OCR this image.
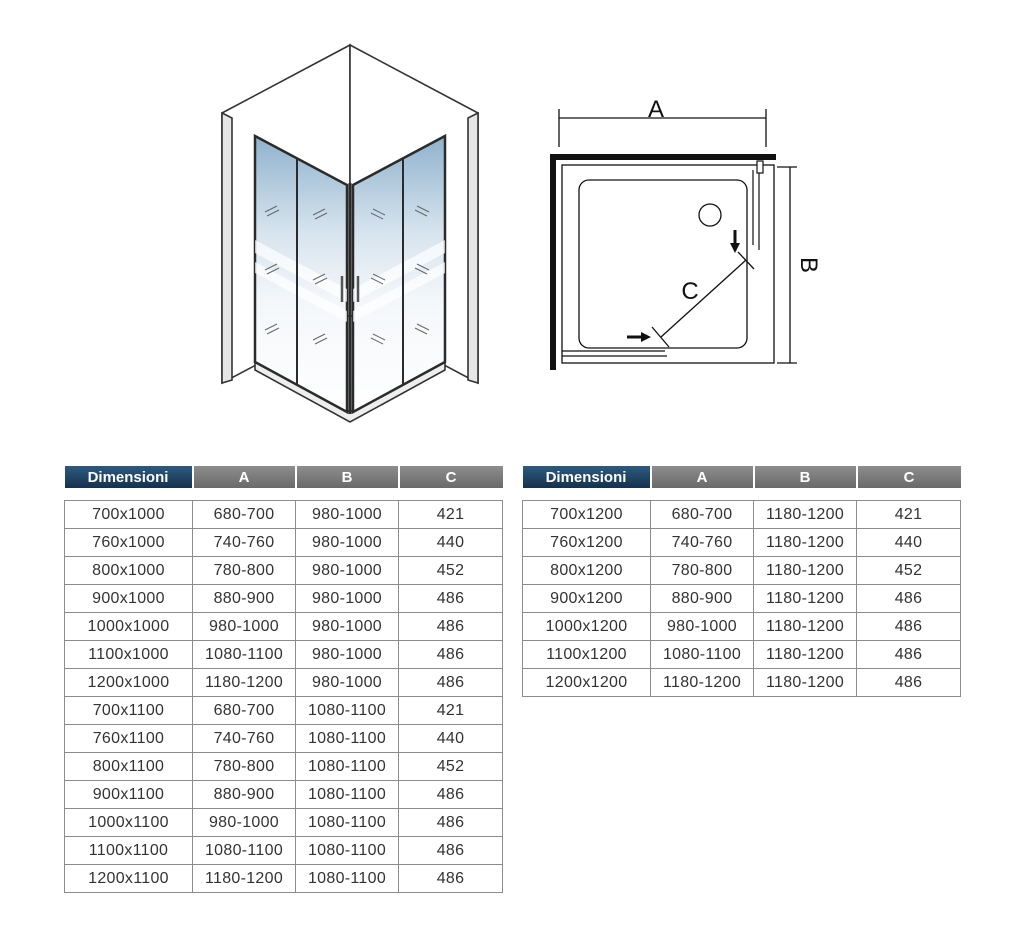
A
B
C
Dimensioni	A	B	C

700x1000	680-700	980-1000	421
760x1000	740-760	980-1000	440
800x1000	780-800	980-1000	452
900x1000	880-900	980-1000	486
1000x1000	980-1000	980-1000	486
1100x1000	1080-1100	980-1000	486
1200x1000	1180-1200	980-1000	486
700x1100	680-700	1080-1100	421
760x1100	740-760	1080-1100	440
800x1100	780-800	1080-1100	452
900x1100	880-900	1080-1100	486
1000x1100	980-1000	1080-1100	486
1100x1100	1080-1100	1080-1100	486
1200x1100	1180-1200	1080-1100	486
Dimensioni	A	B	C

700x1200	680-700	1180-1200	421
760x1200	740-760	1180-1200	440
800x1200	780-800	1180-1200	452
900x1200	880-900	1180-1200	486
1000x1200	980-1000	1180-1200	486
1100x1200	1080-1100	1180-1200	486
1200x1200	1180-1200	1180-1200	486
